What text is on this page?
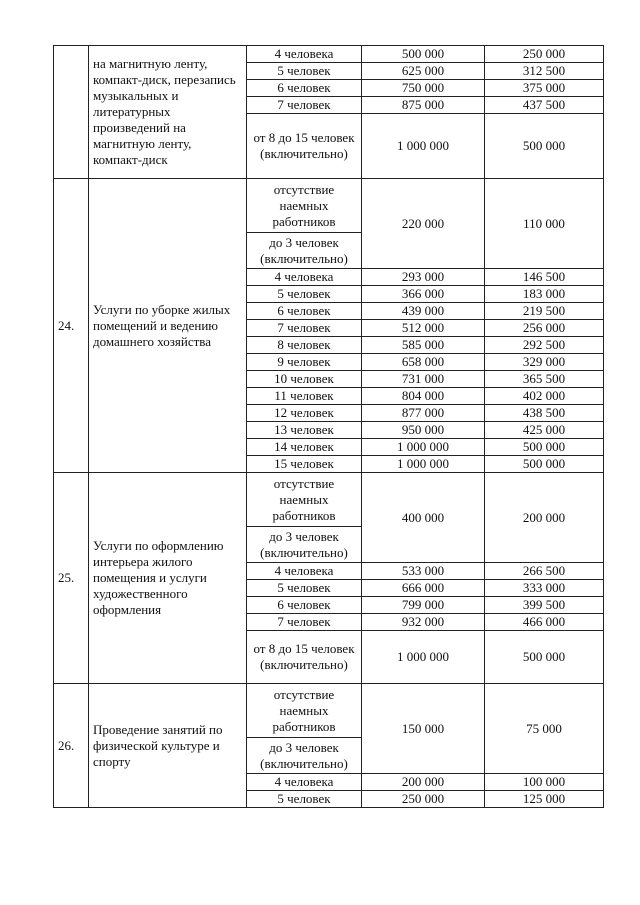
	на магнитную ленту, компакт-диск, перезапись музыкальных и литературных произведений на магнитную ленту, компакт-диск	4 человека	500 000	250 000
		5 человек	625 000	312 500
		6 человек	750 000	375 000
		7 человек	875 000	437 500
		от 8 до 15 человек (включительно)	1 000 000	500 000
24.	Услуги по уборке жилых помещений и ведению домашнего хозяйства	отсутствие наемных работников	220 000	110 000
		до 3 человек (включительно)		
		4 человека	293 000	146 500
		5 человек	366 000	183 000
		6 человек	439 000	219 500
		7 человек	512 000	256 000
		8 человек	585 000	292 500
		9 человек	658 000	329 000
		10 человек	731 000	365 500
		11 человек	804 000	402 000
		12 человек	877 000	438 500
		13 человек	950 000	425 000
		14 человек	1 000 000	500 000
		15 человек	1 000 000	500 000
25.	Услуги по оформлению интерьера жилого помещения и услуги художественного оформления	отсутствие наемных работников	400 000	200 000
		до 3 человек (включительно)		
		4 человека	533 000	266 500
		5 человек	666 000	333 000
		6 человек	799 000	399 500
		7 человек	932 000	466 000
		от 8 до 15 человек (включительно)	1 000 000	500 000
26.	Проведение занятий по физической культуре и спорту	отсутствие наемных работников	150 000	75 000
		до 3 человек (включительно)		
		4 человека	200 000	100 000
		5 человек	250 000	125 000
